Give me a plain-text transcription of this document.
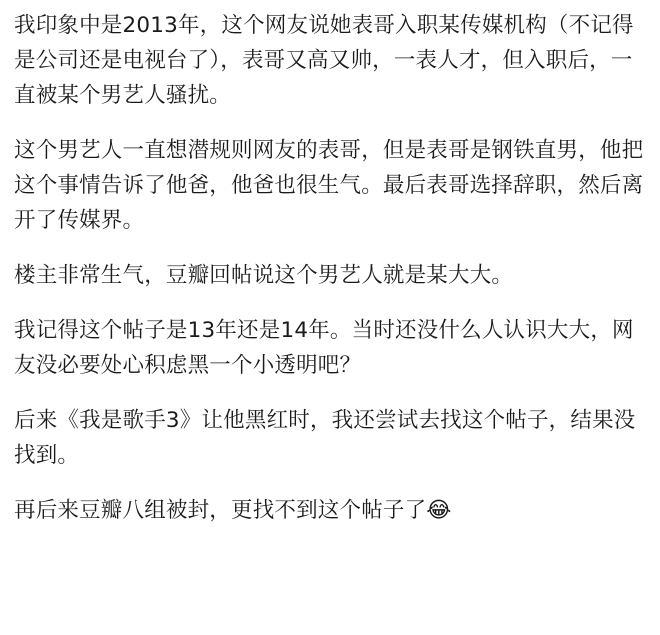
我印象中是2013年，这个网友说她表哥入职某传媒机构（不记得是公司还是电视台了），表哥又高又帅，一表人才，但入职后，一直被某个男艺人骚扰。

这个男艺人一直想潜规则网友的表哥，但是表哥是钢铁直男，他把这个事情告诉了他爸，他爸也很生气。最后表哥选择辞职，然后离开了传媒界。

楼主非常生气，豆瓣回帖说这个男艺人就是某大大。

我记得这个帖子是13年还是14年。当时还没什么人认识大大，网友没必要处心积虑黑一个小透明吧？

后来《我是歌手3》让他黑红时，我还尝试去找这个帖子，结果没找到。

再后来豆瓣八组被封，更找不到这个帖子了😂
